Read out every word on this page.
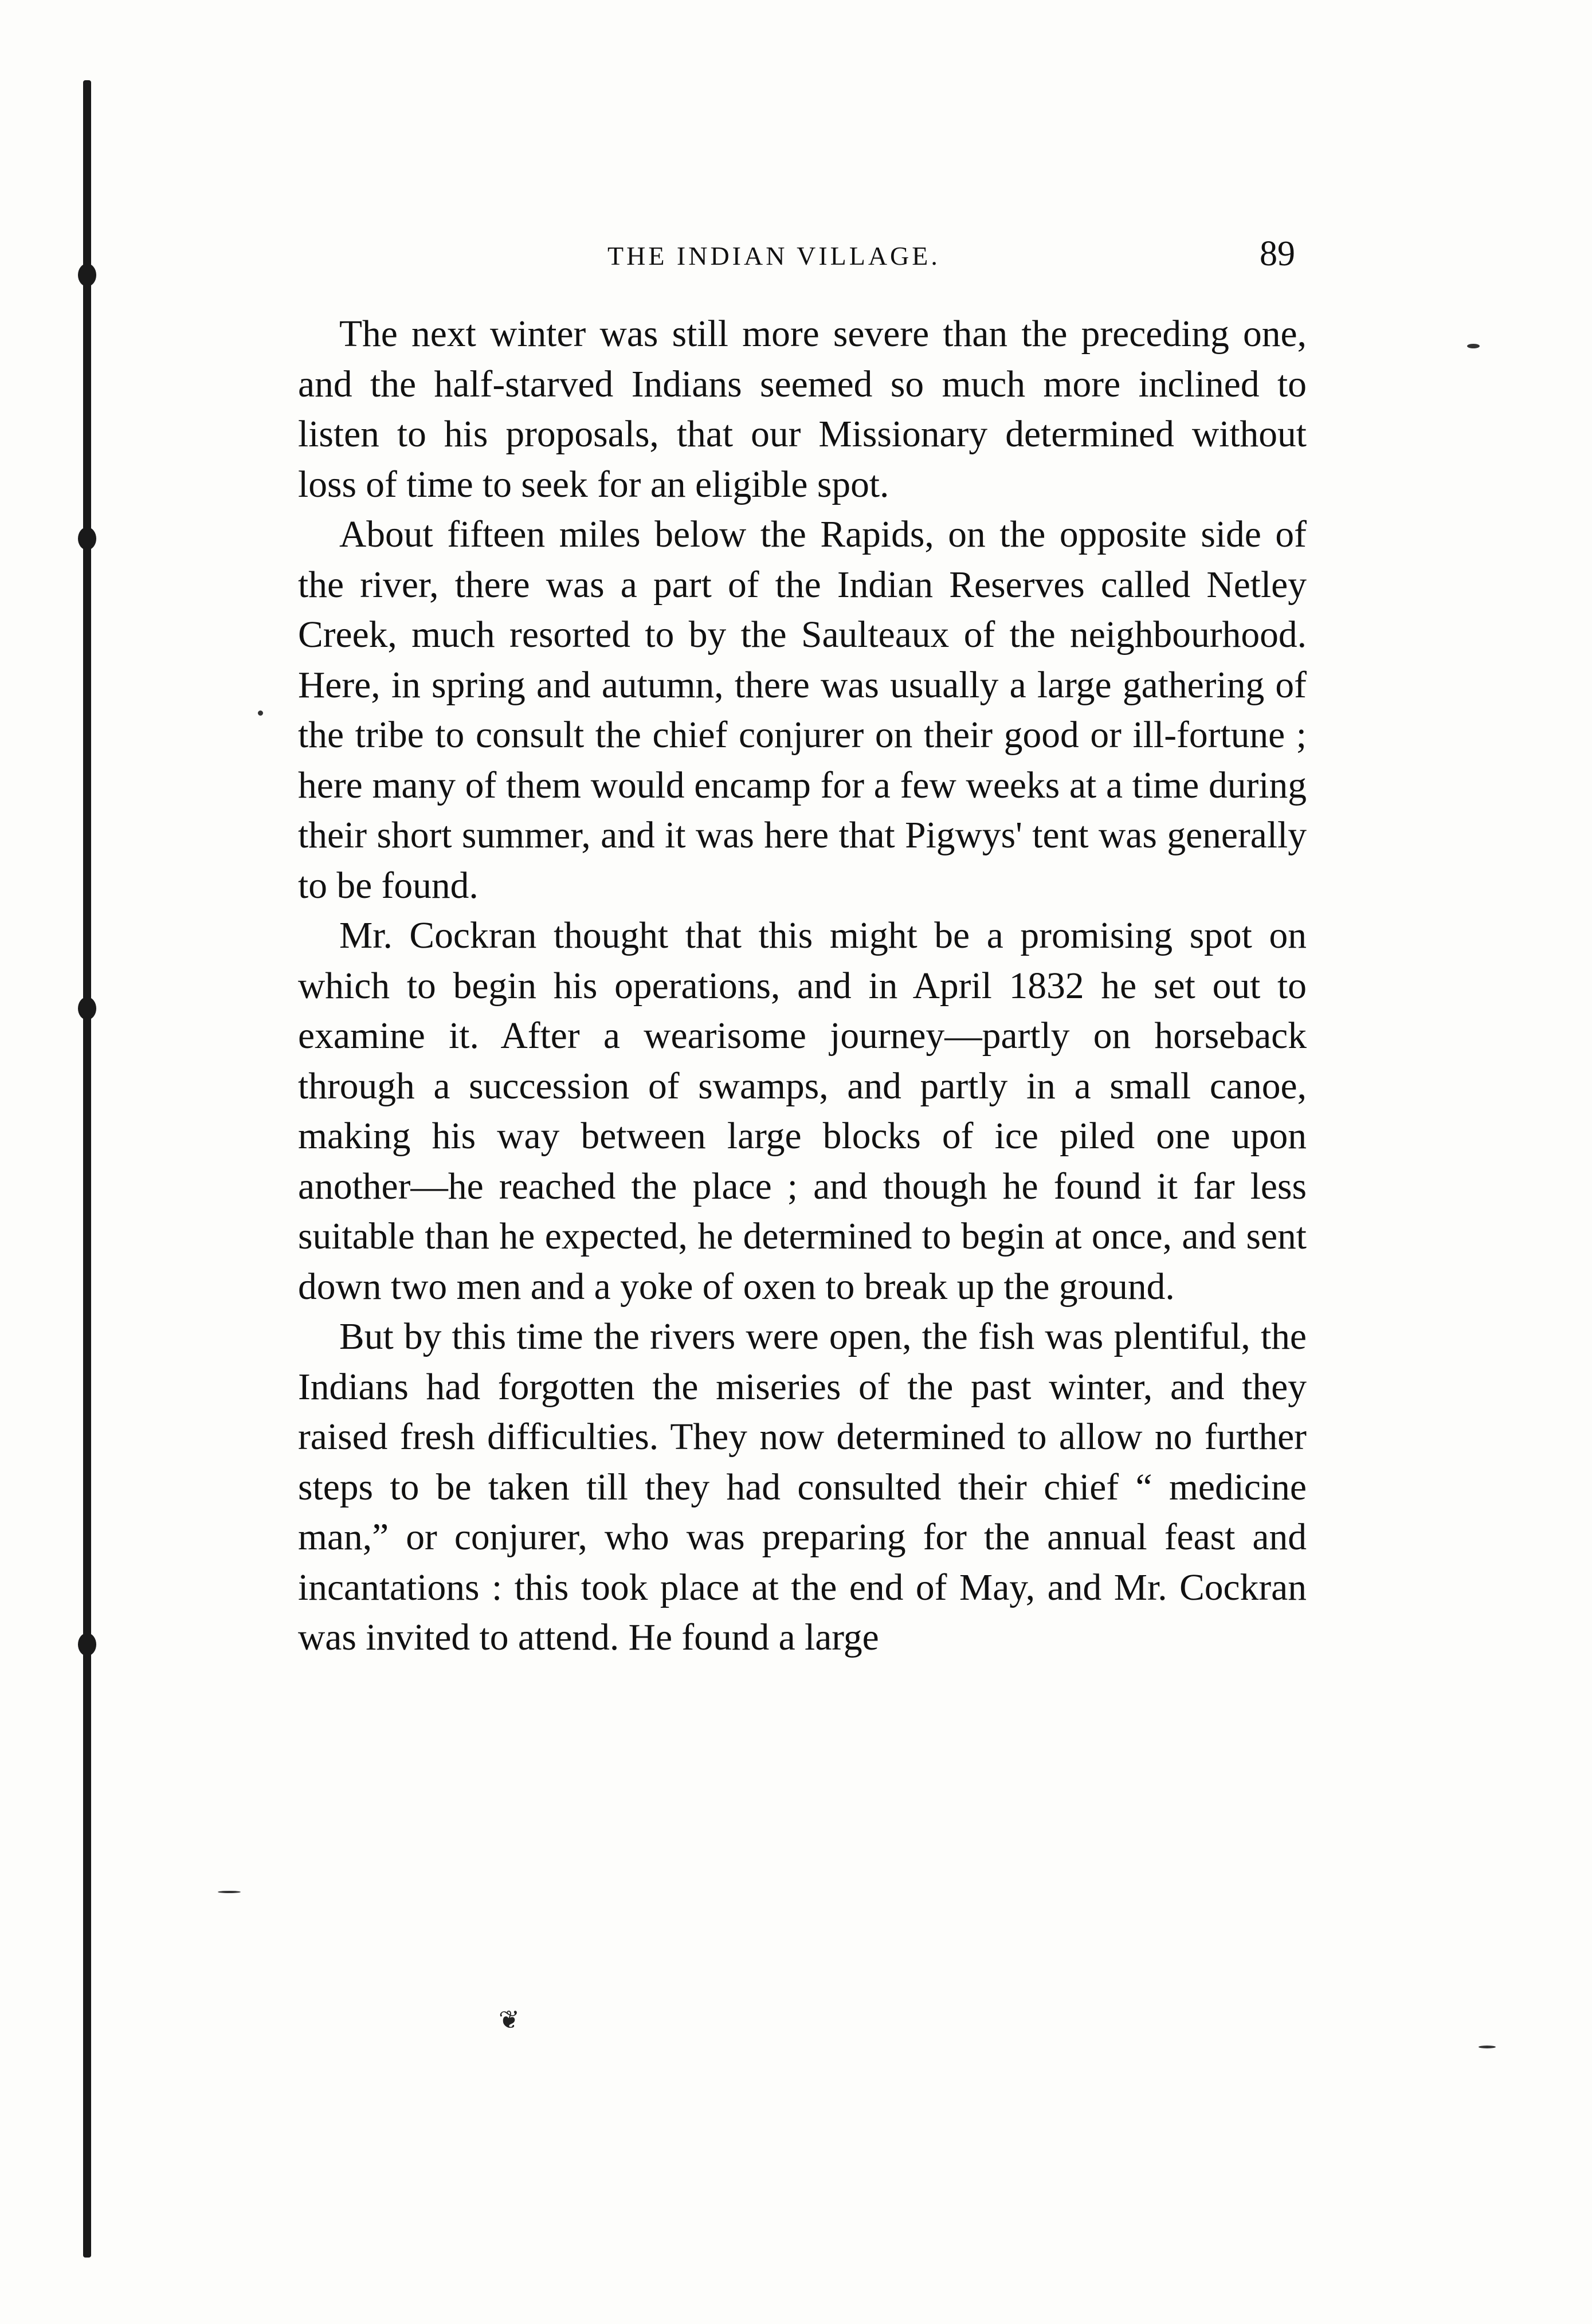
THE INDIAN VILLAGE.	89

The next winter was still more severe than the preceding one, and the half-starved Indians seemed so much more inclined to listen to his proposals, that our Missionary determined without loss of time to seek for an eligible spot.

About fifteen miles below the Rapids, on the opposite side of the river, there was a part of the Indian Reserves called Netley Creek, much resorted to by the Saulteaux of the neighbourhood. Here, in spring and autumn, there was usually a large gathering of the tribe to consult the chief conjurer on their good or ill-fortune ; here many of them would encamp for a few weeks at a time during their short summer, and it was here that Pigwys' tent was generally to be found.

Mr. Cockran thought that this might be a promising spot on which to begin his operations, and in April 1832 he set out to examine it. After a wearisome journey—partly on horseback through a succession of swamps, and partly in a small canoe, making his way between large blocks of ice piled one upon another—he reached the place ; and though he found it far less suitable than he expected, he determined to begin at once, and sent down two men and a yoke of oxen to break up the ground.

But by this time the rivers were open, the fish was plentiful, the Indians had forgotten the miseries of the past winter, and they raised fresh difficulties. They now determined to allow no further steps to be taken till they had consulted their chief “ medicine man,” or conjurer, who was preparing for the annual feast and incantations : this took place at the end of May, and Mr. Cockran was invited to attend. He found a large

❦
